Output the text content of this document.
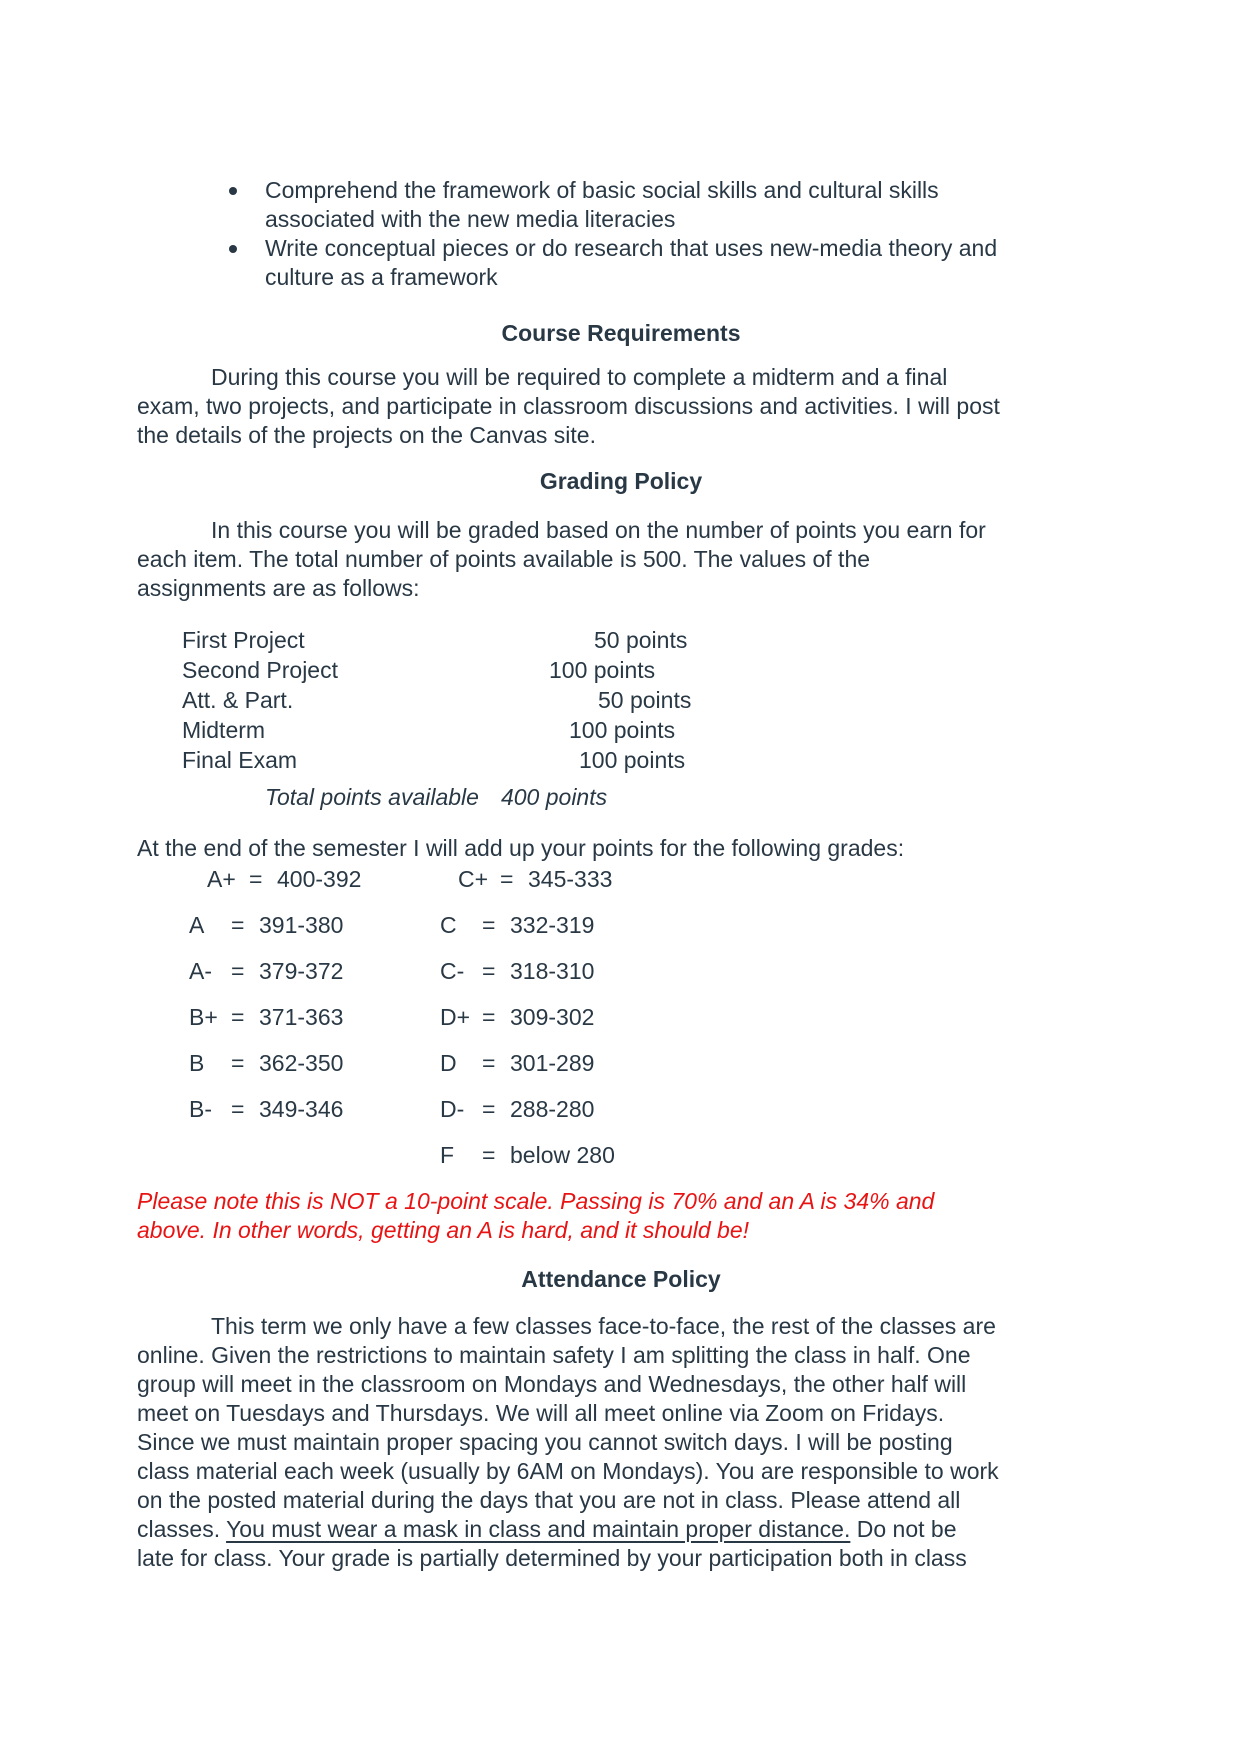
Comprehend the framework of basic social skills and cultural skills
associated with the new media literacies
Write conceptual pieces or do research that uses new-media theory and
culture as a framework
Course Requirements
During this course you will be required to complete a midterm and a final
exam, two projects, and participate in classroom discussions and activities. I will post
the details of the projects on the Canvas site.
Grading Policy
In this course you will be graded based on the number of points you earn for
each item. The total number of points available is 500. The values of the
assignments are as follows:
First Project	50 points
Second Project	100 points
Att. & Part.	50 points
Midterm	100 points
Final Exam	100 points
Total points available 400 points
At the end of the semester I will add up your points for the following grades:
A+ = 400-392	C+ = 345-333
A	= 391-380	C	= 332-319
A- = 379-372	C- = 318-310
B+ = 371-363	D+ = 309-302
B	= 362-350	D	= 301-289
B- = 349-346	D- = 288-280
F	= below 280
Please note this is NOT a 10-point scale. Passing is 70% and an A is 34% and
above. In other words, getting an A is hard, and it should be!
Attendance Policy
This term we only have a few classes face-to-face, the rest of the classes are
online. Given the restrictions to maintain safety I am splitting the class in half. One
group will meet in the classroom on Mondays and Wednesdays, the other half will
meet on Tuesdays and Thursdays. We will all meet online via Zoom on Fridays.
Since we must maintain proper spacing you cannot switch days. I will be posting
class material each week (usually by 6AM on Mondays). You are responsible to work
on the posted material during the days that you are not in class. Please attend all
classes. You must wear a mask in class and maintain proper distance. Do not be
late for class. Your grade is partially determined by your participation both in class
